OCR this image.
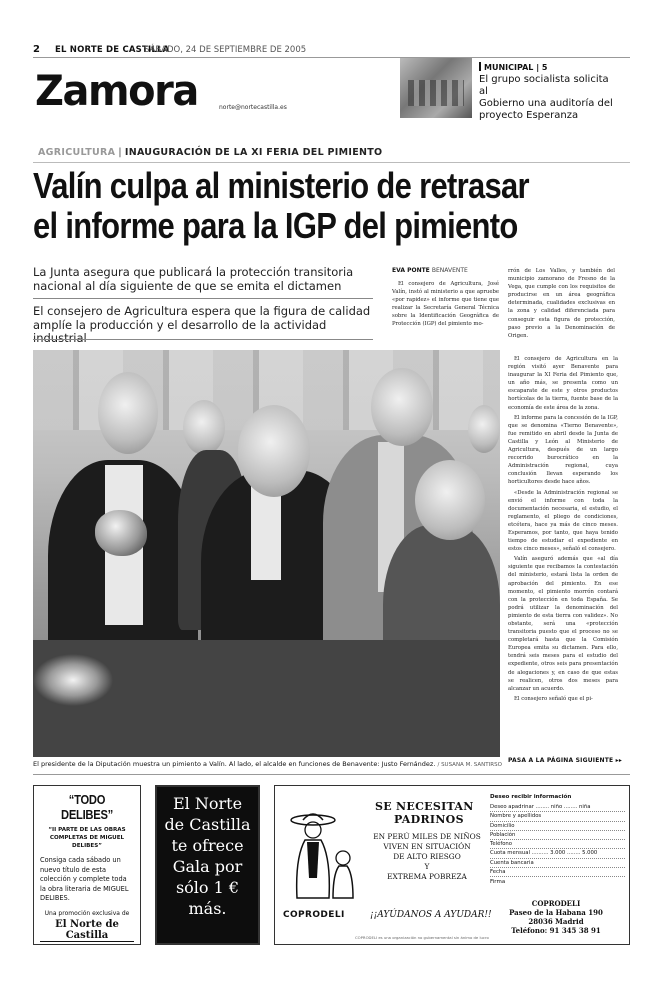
2 EL NORTE DE CASTILLA
SÁBADO, 24 DE SEPTIEMBRE DE 2005
Zamora	norte@nortecastilla.es
MUNICIPAL | 5
El grupo socialista solicita al
Gobierno una auditoría del
proyecto Esperanza
AGRICULTURA | INAUGURACIÓN DE LA XI FERIA DEL PIMIENTO
Valín culpa al ministerio de retrasar
el informe para la IGP del pimiento
La Junta asegura que publicará la protección transitoria
nacional al día siguiente de que se emita el dictamen
El consejero de Agricultura espera que la figura de calidad
amplíe la producción y el desarrollo de la actividad industrial
EVA PONTE BENAVENTE

El consejero de Agricultura, José Valín, instó al ministerio a que apruebe «por rapidez» el informe que tiene que realizar la Secretaría General Técnica sobre la Identificación Geográfica de Protección (IGP) del pimiento mo-

rrón de Los Valles, y también del municipio zamorano de Fresno de la Vega, que cumple con los requisitos de producirse en un área geográfica determinada, cualidades exclusivas en la zona y calidad diferenciada para conseguir esta figura de protección, paso previo a la Denominación de Origen.

El consejero de Agricultura en la región visitó ayer Benavente para inaugurar la XI Feria del Pimiento que, un año más, se presenta como un escaparate de este y otros productos hortícolas de la tierra, fuente base de la economía de este área de la zona.

El informe para la concesión de la IGP, que se denomina «Tierno Benavente», fue remitido en abril desde la Junta de Castilla y León al Ministerio de Agricultura, después de un largo recorrido burocrático en la Administración regional, cuya conclusión llevan esperando los horticultores desde hace años.

«Desde la Administración regional se envió el informe con toda la documentación necesaria, el estudio, el reglamento, el pliego de condiciones, etcétera, hace ya más de cinco meses. Esperamos, por tanto, que haya tenido tiempo de estudiar el expediente en estos cinco meses», señaló el consejero.

Valín aseguró además que «al día siguiente que recibamos la contestación del ministerio, estará lista la orden de aprobación del pimiento. En ese momento, el pimiento morrón contará con la protección en toda España. Se podrá utilizar la denominación del pimiento de esta tierra con validez». No obstante, será una «protección transitoria puesto que el proceso no se completará hasta que la Comisión Europea emita su dictamen. Para ello, tendrá seis meses para el estudio del expediente, otros seis para presentación de alegaciones y, en caso de que estas se realicen, otros dos meses para alcanzar un acuerdo.

El consejero señaló que el pi-

PASA A LA PÁGINA SIGUIENTE ▸▸
El presidente de la Diputación muestra un pimiento a Valín. Al lado, el alcalde en funciones de Benavente: Justo Fernández. / SUSANA M. SANTIRSO
“TODO DELIBES”
“II PARTE DE LAS OBRAS
COMPLETAS DE MIGUEL DELIBES”
Consiga cada sábado un nuevo título de esta colección y complete toda la obra literaria de MIGUEL DELIBES.
Una promoción exclusiva de
El Norte de Castilla
El Norte
de Castilla
te ofrece
Gala por
sólo 1 €
más.
SE NECESITAN
PADRINOS
EN PERÚ MILES DE NIÑOS
VIVEN EN SITUACIÓN
DE ALTO RIESGO
Y
EXTREMA POBREZA
COPRODELI	¡¡AYÚDANOS A AYUDAR!!
Deseo recibir información
Deseo apadrinar ........ niño ........ niña
Nombre y apellidos
Domicilio
Población
Teléfono
Cuota mensual .......... 3.000 ........ 5.000
Cuenta bancaria
Fecha
Firma
COPRODELI
Paseo de la Habana 190
28036 Madrid
Teléfono: 91 345 38 91
COPRODELI es una organización no gubernamental sin ánimo de lucro
